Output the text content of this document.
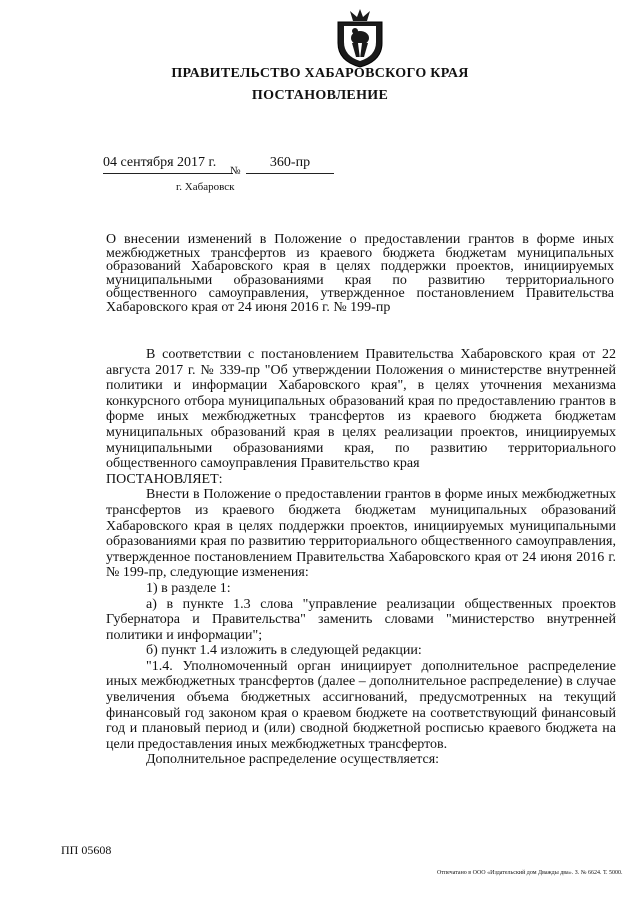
ПРАВИТЕЛЬСТВО ХАБАРОВСКОГО КРАЯ
ПОСТАНОВЛЕНИЕ
04 сентября 2017 г.
№
360-пр
г. Хабаровск
О внесении изменений в Положение о предоставлении грантов в форме иных межбюджетных трансфертов из краевого бюджета бюджетам муниципальных образований Хабаровского края в целях поддержки проектов, инициируемых муниципальными образованиями края по развитию территориального общественного самоуправления, утвержденное постановлением Правительства Хабаровского края от 24 июня 2016 г. № 199-пр

В соответствии с постановлением Правительства Хабаровского края от 22 августа 2017 г. № 339-пр "Об утверждении Положения о министерстве внутренней политики и информации Хабаровского края", в целях уточнения механизма конкурсного отбора муниципальных образований края по предоставлению грантов в форме иных межбюджетных трансфертов из краевого бюджета бюджетам муниципальных образований края в целях реализации проектов, инициируемых муниципальными образованиями края, по развитию территориального общественного самоуправления Правительство края

ПОСТАНОВЛЯЕТ:

Внести в Положение о предоставлении грантов в форме иных межбюджетных трансфертов из краевого бюджета бюджетам муниципальных образований Хабаровского края в целях поддержки проектов, инициируемых муниципальными образованиями края по развитию территориального общественного самоуправления, утвержденное постановлением Правительства Хабаровского края от 24 июня 2016 г. № 199-пр, следующие изменения:

1) в разделе 1:

а) в пункте 1.3 слова "управление реализации общественных проектов Губернатора и Правительства" заменить словами "министерство внутренней политики и информации";

б) пункт 1.4 изложить в следующей редакции:

"1.4. Уполномоченный орган инициирует дополнительное распределение иных межбюджетных трансфертов (далее – дополнительное распределение) в случае увеличения объема бюджетных ассигнований, предусмотренных на текущий финансовый год законом края о краевом бюджете на соответствующий финансовый год и плановый период и (или) сводной бюджетной росписью краевого бюджета на цели предоставления иных межбюджетных трансфертов.

Дополнительное распределение осуществляется:

ПП 05608
Отпечатано в ООО «Издательский дом Дважды два». З. № 6624. Т. 5000.
